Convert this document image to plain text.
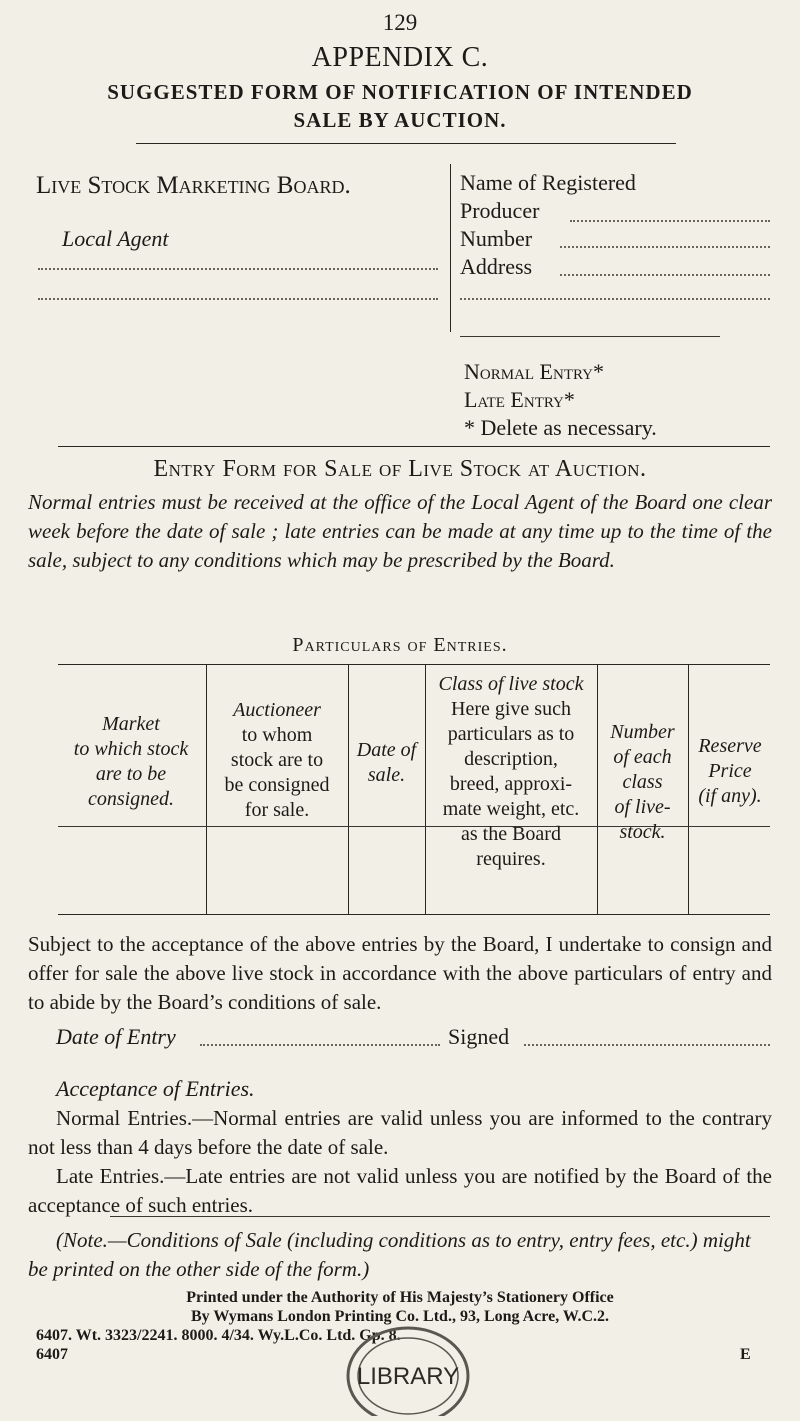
129
APPENDIX C.
SUGGESTED FORM OF NOTIFICATION OF INTENDED
SALE BY AUCTION.
Live Stock Marketing Board.
Local Agent
Name of Registered
Producer
Number
Address
Normal Entry*
Late Entry*
* Delete as necessary.
Entry Form for Sale of Live Stock at Auction.
Normal entries must be received at the office of the Local Agent of the Board one clear week before the date of sale ; late entries can be made at any time up to the time of the sale, subject to any conditions which may be prescribed by the Board.
Particulars of Entries.
Market
to which stock
are to be
consigned.
Auctioneer
to whom
stock are to
be consigned
for sale.
Date of
sale.
Class of live stock
Here give such
particulars as to
description,
breed, approxi-
mate weight, etc.
as the Board
requires.
Number
of each
class
of live-
stock.
Reserve
Price
(if any).
Subject to the acceptance of the above entries by the Board, I undertake to consign and offer for sale the above live stock in accordance with the above particulars of entry and to abide by the Board’s conditions of sale.
Date of Entry	Signed
Acceptance of Entries.
Normal Entries.—Normal entries are valid unless you are informed to the contrary not less than 4 days before the date of sale.
Late Entries.—Late entries are not valid unless you are notified by the Board of the acceptance of such entries.
(Note.—Conditions of Sale (including conditions as to entry, entry fees, etc.) might be printed on the other side of the form.)
Printed under the Authority of His Majesty’s Stationery Office
By Wymans London Printing Co. Ltd., 93, Long Acre, W.C.2.
6407. Wt. 3323/2241. 8000. 4/34. Wy.L.Co. Ltd. Gp. 8.
6407	E
LIBRARY
